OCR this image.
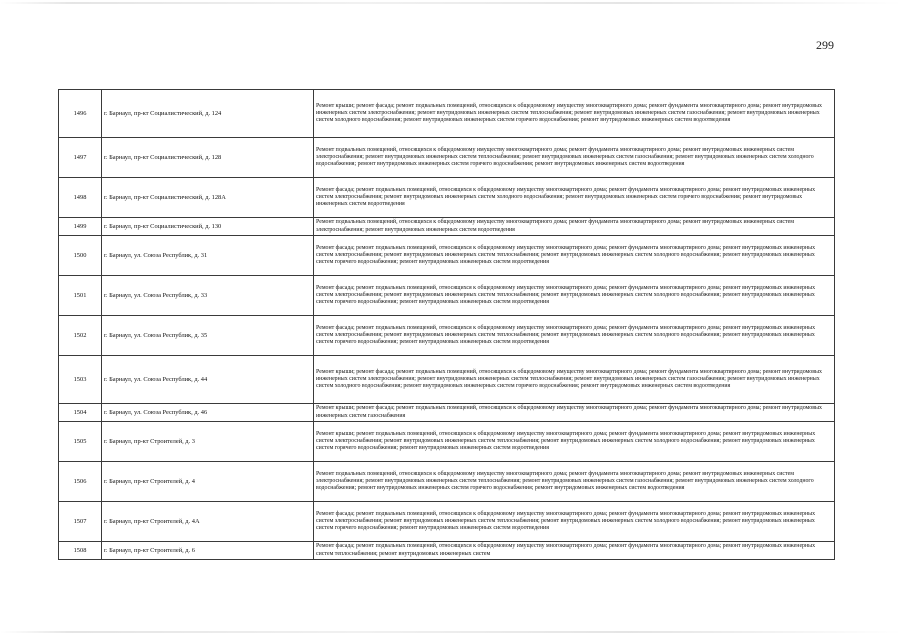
299
1496	г. Барнаул, пр-кт Социалистический, д. 124	Ремонт крыши; ремонт фасада; ремонт подвальных помещений, относящихся к общедомовому имуществу многоквартирного дома; ремонт фундамента многоквартирного дома; ремонт внутридомовых инженерных систем электроснабжения; ремонт внутридомовых инженерных систем теплоснабжения; ремонт внутридомовых инженерных систем газоснабжения; ремонт внутридомовых инженерных систем холодного водоснабжения; ремонт внутридомовых инженерных систем горячего водоснабжения; ремонт внутридомовых инженерных систем водоотведения
1497	г. Барнаул, пр-кт Социалистический, д. 128	Ремонт подвальных помещений, относящихся к общедомовому имуществу многоквартирного дома; ремонт фундамента многоквартирного дома; ремонт внутридомовых инженерных систем электроснабжения; ремонт внутридомовых инженерных систем теплоснабжения; ремонт внутридомовых инженерных систем газоснабжения; ремонт внутридомовых инженерных систем холодного водоснабжения; ремонт внутридомовых инженерных систем горячего водоснабжения; ремонт внутридомовых инженерных систем водоотведения
1498	г. Барнаул, пр-кт Социалистический, д. 128А	Ремонт фасада; ремонт подвальных помещений, относящихся к общедомовому имуществу многоквартирного дома; ремонт фундамента многоквартирного дома; ремонт внутридомовых инженерных систем электроснабжения; ремонт внутридомовых инженерных систем холодного водоснабжения; ремонт внутридомовых инженерных систем горячего водоснабжения; ремонт внутридомовых инженерных систем водоотведения
1499	г. Барнаул, пр-кт Социалистический, д. 130	Ремонт подвальных помещений, относящихся к общедомовому имуществу многоквартирного дома; ремонт фундамента многоквартирного дома; ремонт внутридомовых инженерных систем электроснабжения; ремонт внутридомовых инженерных систем водоотведения
1500	г. Барнаул, ул. Союза Республик, д. 31	Ремонт фасада; ремонт подвальных помещений, относящихся к общедомовому имуществу многоквартирного дома; ремонт фундамента многоквартирного дома; ремонт внутридомовых инженерных систем электроснабжения; ремонт внутридомовых инженерных систем теплоснабжения; ремонт внутридомовых инженерных систем холодного водоснабжения; ремонт внутридомовых инженерных систем горячего водоснабжения; ремонт внутридомовых инженерных систем водоотведения
1501	г. Барнаул, ул. Союза Республик, д. 33	Ремонт фасада; ремонт подвальных помещений, относящихся к общедомовому имуществу многоквартирного дома; ремонт фундамента многоквартирного дома; ремонт внутридомовых инженерных систем электроснабжения; ремонт внутридомовых инженерных систем теплоснабжения; ремонт внутридомовых инженерных систем холодного водоснабжения; ремонт внутридомовых инженерных систем горячего водоснабжения; ремонт внутридомовых инженерных систем водоотведения
1502	г. Барнаул, ул. Союза Республик, д. 35	Ремонт фасада; ремонт подвальных помещений, относящихся к общедомовому имуществу многоквартирного дома; ремонт фундамента многоквартирного дома; ремонт внутридомовых инженерных систем электроснабжения; ремонт внутридомовых инженерных систем теплоснабжения; ремонт внутридомовых инженерных систем холодного водоснабжения; ремонт внутридомовых инженерных систем горячего водоснабжения; ремонт внутридомовых инженерных систем водоотведения
1503	г. Барнаул, ул. Союза Республик, д. 44	Ремонт крыши; ремонт фасада; ремонт подвальных помещений, относящихся к общедомовому имуществу многоквартирного дома; ремонт фундамента многоквартирного дома; ремонт внутридомовых инженерных систем электроснабжения; ремонт внутридомовых инженерных систем теплоснабжения; ремонт внутридомовых инженерных систем газоснабжения; ремонт внутридомовых инженерных систем холодного водоснабжения; ремонт внутридомовых инженерных систем горячего водоснабжения; ремонт внутридомовых инженерных систем водоотведения
1504	г. Барнаул, ул. Союза Республик, д. 46	Ремонт крыши; ремонт фасада; ремонт подвальных помещений, относящихся к общедомовому имуществу многоквартирного дома; ремонт фундамента многоквартирного дома; ремонт внутридомовых инженерных систем газоснабжения
1505	г. Барнаул, пр-кт Строителей, д. 3	Ремонт крыши; ремонт подвальных помещений, относящихся к общедомовому имуществу многоквартирного дома; ремонт фундамента многоквартирного дома; ремонт внутридомовых инженерных систем электроснабжения; ремонт внутридомовых инженерных систем теплоснабжения; ремонт внутридомовых инженерных систем холодного водоснабжения; ремонт внутридомовых инженерных систем горячего водоснабжения; ремонт внутридомовых инженерных систем водоотведения
1506	г. Барнаул, пр-кт Строителей, д. 4	Ремонт подвальных помещений, относящихся к общедомовому имуществу многоквартирного дома; ремонт фундамента многоквартирного дома; ремонт внутридомовых инженерных систем электроснабжения; ремонт внутридомовых инженерных систем теплоснабжения; ремонт внутридомовых инженерных систем газоснабжения; ремонт внутридомовых инженерных систем холодного водоснабжения; ремонт внутридомовых инженерных систем горячего водоснабжения; ремонт внутридомовых инженерных систем водоотведения
1507	г. Барнаул, пр-кт Строителей, д. 4А	Ремонт фасада; ремонт подвальных помещений, относящихся к общедомовому имуществу многоквартирного дома; ремонт фундамента многоквартирного дома; ремонт внутридомовых инженерных систем электроснабжения; ремонт внутридомовых инженерных систем теплоснабжения; ремонт внутридомовых инженерных систем холодного водоснабжения; ремонт внутридомовых инженерных систем горячего водоснабжения; ремонт внутридомовых инженерных систем водоотведения
1508	г. Барнаул, пр-кт Строителей, д. 6	Ремонт фасада; ремонт подвальных помещений, относящихся к общедомовому имуществу многоквартирного дома; ремонт фундамента многоквартирного дома; ремонт внутридомовых инженерных систем теплоснабжения; ремонт внутридомовых инженерных систем
